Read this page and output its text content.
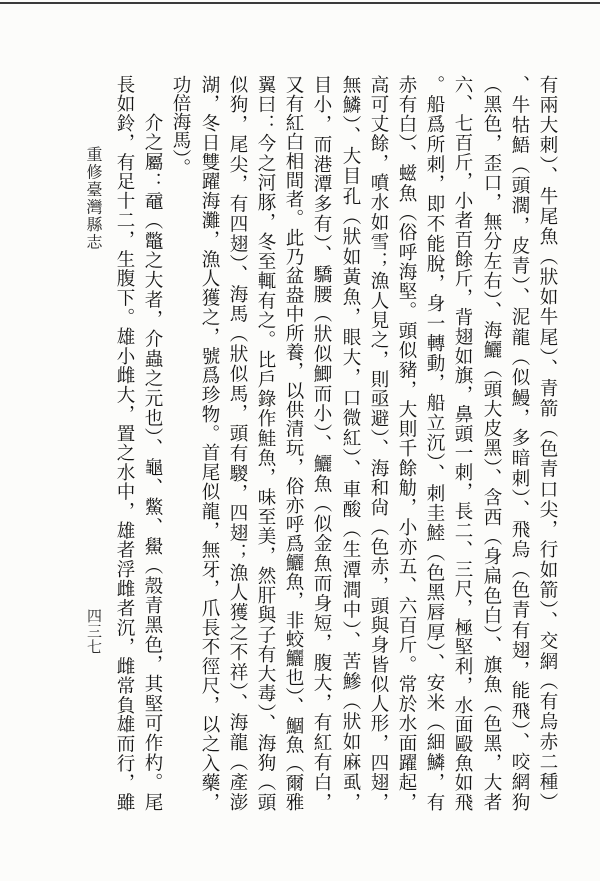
有兩大刺）、牛尾魚（狀如牛尾）、青箭（色青口尖，行如箭）、交網（有烏赤二種）
、牛牯鯃（頭濶，皮青）、泥龍（似鰻，多暗刺）、飛烏（色青有翅，能飛）、咬網狗
（黑色，歪口，無分左右）、海鱺（頭大皮黑）、含西（身扁色白）、旗魚（色黑，大者
六、七百斤，小者百餘斤，背翅如旗，鼻頭一刺，長二、三尺，極堅利，水面毆魚如飛
。船爲所刺，即不能脫，身一轉動，船立沉）、刺圭鯥（色黑唇厚）、安米（細鱗，有
赤有白）、螆魚（俗呼海堅。頭似豬，大則千餘觔，小亦五、六百斤。常於水面躍起，
高可丈餘，噴水如雪；漁人見之，則亟避）、海和尙（色赤，頭與身皆似人形，四翅，
無鱗）、大目孔（狀如黃魚，眼大，口微紅）、車酸（生潭澗中）、苦鰺（狀如麻虱，
目小，而港潭多有）、驕腰（狀似鯽而小）、鱺魚（似金魚而身短，腹大，有紅有白，
又有紅白相間者。此乃盆盎中所養，以供清玩，俗亦呼爲鱺魚，非蛟鱺也）、鯝魚（爾雅
翼曰：今之河豚，冬至輒有之。比戶錄作鮭魚，味至美，然肝與子有大毒）、海狗（頭
似狗，尾尖，有四翅）、海馬（狀似馬，頭有騣，四翅；漁人獲之不祥）、海龍（產澎
湖，冬日雙躍海灘，漁人獲之，號爲珍物。首尾似龍，無牙，爪長不徑尺，以之入藥，
功倍海馬）。
介之屬：黿（鼈之大者，介蟲之元也）、龜、鱉、鱟（殼青黑色，其堅可作杓。尾
長如鈴，有足十二，生腹下。雄小雌大，置之水中，雄者浮雌者沉，雌常負雄而行，雖
重修臺灣縣志
四三七
